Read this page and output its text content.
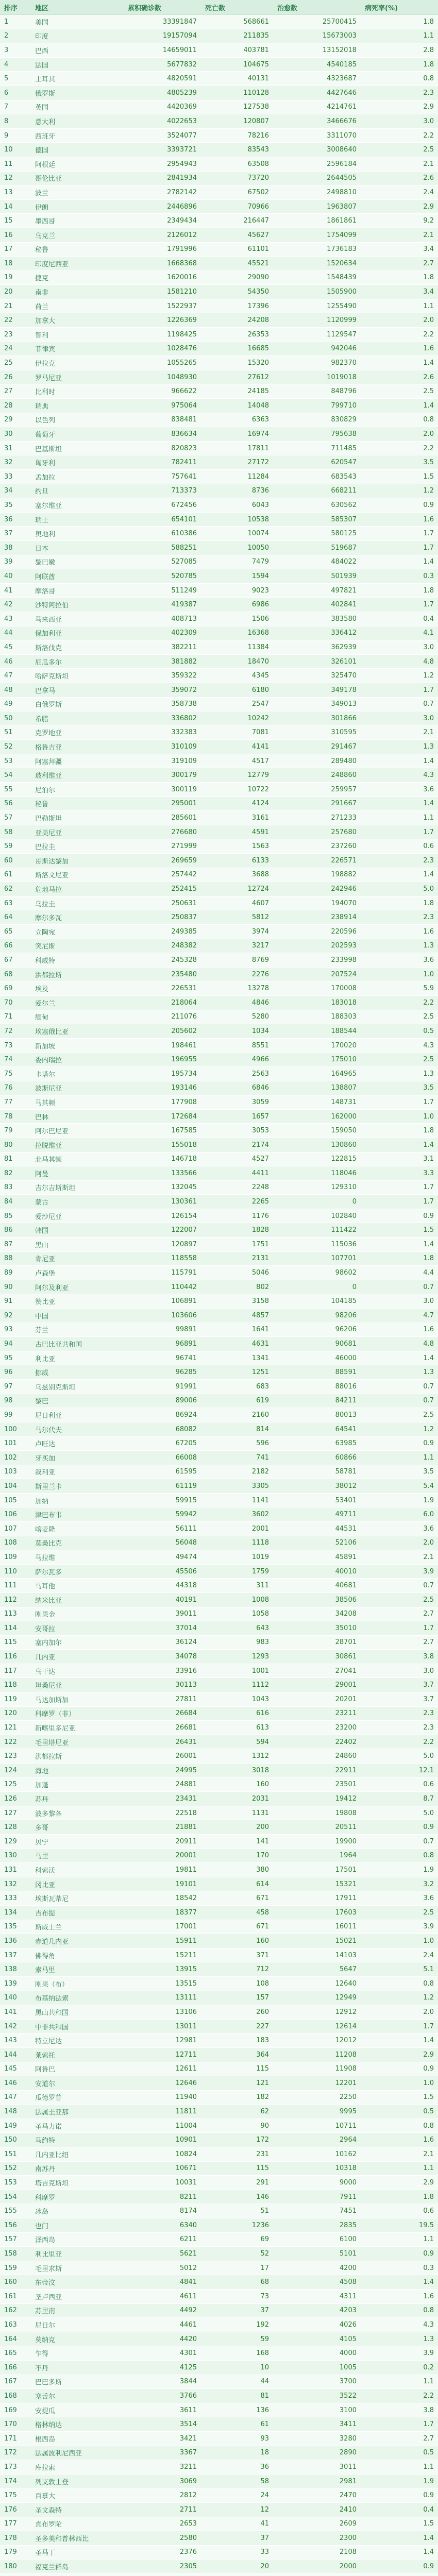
排序	地区	累积确诊数	死亡数	治愈数	病死率(%)
1	美国	33391847	568661	25700415	1.8
2	印度	19157094	211835	15673003	1.1
3	巴西	14659011	403781	13152018	2.8
4	法国	5677832	104675	4540185	1.8
5	土耳其	4820591	40131	4323687	0.8
6	俄罗斯	4805239	110128	4427646	2.3
7	英国	4420369	127538	4214761	2.9
8	意大利	4022653	120807	3466676	3.0
9	西班牙	3524077	78216	3311070	2.2
10	德国	3393721	83543	3008640	2.5
11	阿根廷	2954943	63508	2596184	2.1
12	哥伦比亚	2841934	73720	2644505	2.6
13	波兰	2782142	67502	2498810	2.4
14	伊朗	2446896	70966	1963807	2.9
15	墨西哥	2349434	216447	1861861	9.2
16	乌克兰	2126012	45627	1754099	2.1
17	秘鲁	1791996	61101	1736183	3.4
18	印度尼西亚	1668368	45521	1520634	2.7
19	捷克	1620016	29090	1548439	1.8
20	南非	1581210	54350	1505900	3.4
21	荷兰	1522937	17396	1255490	1.1
22	加拿大	1226369	24208	1120999	2.0
23	智利	1198425	26353	1129547	2.2
24	菲律宾	1028476	16685	942046	1.6
25	伊拉克	1055265	15320	982370	1.4
26	罗马尼亚	1048930	27612	1019018	2.6
27	比利时	966622	24185	848796	2.5
28	瑞典	975064	14048	799710	1.4
29	以色列	838481	6363	830829	0.8
30	葡萄牙	836634	16974	795638	2.0
31	巴基斯坦	820823	17811	711485	2.2
32	匈牙利	782411	27172	620547	3.5
33	孟加拉	757641	11284	683543	1.5
34	约旦	713373	8736	668211	1.2
35	塞尔维亚	672456	6043	630562	0.9
36	瑞士	654101	10538	585307	1.6
37	奥地利	610386	10074	580125	1.7
38	日本	588251	10050	519687	1.7
39	黎巴嫩	527085	7479	484022	1.4
40	阿联酋	520785	1594	501939	0.3
41	摩洛哥	511249	9023	497821	1.8
42	沙特阿拉伯	419387	6986	402841	1.7
43	马来西亚	408713	1506	383580	0.4
44	保加利亚	402309	16368	336412	4.1
45	斯洛伐克	382211	11384	362939	3.0
46	厄瓜多尔	381882	18470	326101	4.8
47	哈萨克斯坦	359322	4345	325470	1.2
48	巴拿马	359072	6180	349178	1.7
49	白俄罗斯	358738	2547	349013	0.7
50	希腊	336802	10242	301866	3.0
51	克罗地亚	332383	7081	310595	2.1
52	格鲁吉亚	310109	4141	291467	1.3
53	阿塞拜疆	319109	4517	289480	1.4
54	玻利维亚	300179	12779	248860	4.3
55	尼泊尔	300119	10722	259957	3.6
56	秘鲁	295001	4124	291667	1.4
57	巴勒斯坦	285601	3161	271233	1.1
58	亚美尼亚	276680	4591	257680	1.7
59	巴拉圭	271999	1563	237260	0.6
60	哥斯达黎加	269659	6133	226571	2.3
61	斯洛文尼亚	257442	3688	198882	1.4
62	危地马拉	252415	12724	242946	5.0
63	乌拉圭	250631	4607	194070	1.8
64	摩尔多瓦	250837	5812	238914	2.3
65	立陶宛	249385	3974	220596	1.6
66	突尼斯	248382	3217	202593	1.3
67	科威特	245328	8769	233998	3.6
68	洪都拉斯	235480	2276	207524	1.0
69	埃及	226531	13278	170008	5.9
70	爱尔兰	218064	4846	183018	2.2
71	缅甸	211076	5280	188303	2.5
72	埃塞俄比亚	205602	1034	188544	0.5
73	新加坡	198461	8551	170020	4.3
74	委内瑞拉	196955	4966	175010	2.5
75	卡塔尔	195734	2563	164965	1.3
76	波斯尼亚	193146	6846	138807	3.5
77	马其顿	177908	3059	148731	1.7
78	巴林	172684	1657	162000	1.0
79	阿尔巴尼亚	167585	3053	159050	1.8
80	拉脱维亚	155018	2174	130860	1.4
81	北马其顿	146718	4527	122815	3.1
82	阿曼	133566	4411	118046	3.3
83	吉尔吉斯斯坦	132045	2248	129310	1.7
84	蒙古	130361	2265	0	1.7
85	爱沙尼亚	126154	1176	102840	0.9
86	韩国	122007	1828	111422	1.5
87	黑山	120897	1751	115036	1.4
88	肯尼亚	118558	2131	107701	1.8
89	卢森堡	115791	5046	98602	4.4
90	阿尔及利亚	110442	802	0	0.7
91	赞比亚	106891	3158	104185	3.0
92	中国	103606	4857	98206	4.7
93	芬兰	99891	1641	96206	1.6
94	古巴比亚共和国	96891	4631	90681	4.8
95	利比亚	96741	1341	46000	1.4
96	挪威	96285	1251	88591	1.3
97	乌兹别克斯坦	91991	683	88016	0.7
98	黎巴	89006	619	84211	0.7
99	尼日利亚	86924	2160	80013	2.5
100	马尔代夫	68082	814	64541	1.2
101	卢旺达	67205	596	63985	0.9
102	牙买加	66008	741	60866	1.1
103	叙利亚	61595	2182	58781	3.5
104	斯里兰卡	61119	3305	38012	5.4
105	加纳	59915	1141	53401	1.9
106	津巴布韦	59942	3602	49711	6.0
107	喀麦隆	56111	2001	44531	3.6
108	莫桑比克	56048	1118	52106	2.0
109	马拉维	49474	1019	45891	2.1
110	萨尔瓦多	45506	1759	40010	3.9
111	马耳他	44318	311	40681	0.7
112	纳米比亚	40191	1008	38506	2.5
113	刚果金	39011	1058	34208	2.7
114	安哥拉	37014	643	35010	1.7
115	塞内加尔	36124	983	28701	2.7
116	几内亚	34078	1293	30861	3.8
117	乌干达	33916	1001	27041	3.0
118	坦桑尼亚	30113	1112	29001	3.7
119	马达加斯加	27811	1043	20201	3.7
120	科摩罗（非）	26684	616	23211	2.3
121	新喀里多尼亚	26681	613	23200	2.3
122	毛里塔尼亚	26431	594	22402	2.2
123	洪都拉斯	26001	1312	24860	5.0
124	海地	24995	3018	22911	12.1
125	加蓬	24881	160	23501	0.6
126	苏丹	23431	2031	19412	8.7
127	波多黎各	22518	1131	19808	5.0
128	多哥	21881	200	20511	0.9
129	贝宁	20911	141	19900	0.7
130	马里	20001	170	1964	0.8
131	科索沃	19811	380	17501	1.9
132	冈比亚	19101	614	15321	3.2
133	埃斯瓦蒂尼	18542	671	17911	3.6
134	吉布提	18377	458	17603	2.5
135	斯威士兰	17001	671	16011	3.9
136	赤道几内亚	15911	160	15021	1.0
137	佛得角	15211	371	14103	2.4
138	索马里	13915	712	5647	5.1
139	刚果（布）	13515	108	12640	0.8
140	布基纳法索	13111	157	12949	1.2
141	黑山共和国	13106	260	12912	2.0
142	中非共和国	13011	227	12614	1.7
143	特立尼达	12981	183	12012	1.4
144	莱索托	12711	364	11208	2.9
145	阿鲁巴	12611	115	11908	0.9
146	安道尔	12646	121	12201	1.0
147	瓜德罗普	11940	182	2250	1.5
148	法属圭亚那	11811	62	9995	0.5
149	圣马力诺	11004	90	10711	0.8
150	马约特	10901	172	2964	1.6
151	几内亚比绍	10824	231	10162	2.1
152	南苏丹	10671	115	10318	1.1
153	塔吉克斯坦	10031	291	9000	2.9
154	科摩罗	8211	146	7911	1.8
155	冰岛	8174	51	7451	0.6
156	也门	6340	1236	2835	19.5
157	泽西岛	6211	69	6100	1.1
158	利比里亚	5621	52	5101	0.9
159	毛里求斯	5012	17	4200	0.3
160	东帝汶	4841	68	4508	1.4
161	圣卢西亚	4611	73	4311	1.6
162	苏里南	4492	37	4203	0.8
163	尼日尔	4461	192	4026	4.3
164	莫纳克	4420	59	4105	1.3
165	乍得	4301	168	4000	3.9
166	不丹	4125	10	1005	0.2
167	巴巴多斯	3844	44	3700	1.1
168	塞舌尔	3766	81	3522	2.2
169	安提瓜	3611	136	3100	3.8
170	格林纳达	3514	61	3411	1.7
171	根西岛	3421	93	3280	2.7
172	法属波利尼西亚	3367	18	2890	0.5
173	库拉索	3211	36	3011	1.1
174	列支敦士登	3069	58	2981	1.9
175	百慕大	2812	24	2470	0.9
176	圣文森特	2711	12	2410	0.4
177	直布罗陀	2653	41	2609	1.5
178	圣多美和普林西比	2580	37	2300	1.4
179	圣马丁	2376	33	2108	1.4
180	福克兰群岛	2305	20	2000	0.9
